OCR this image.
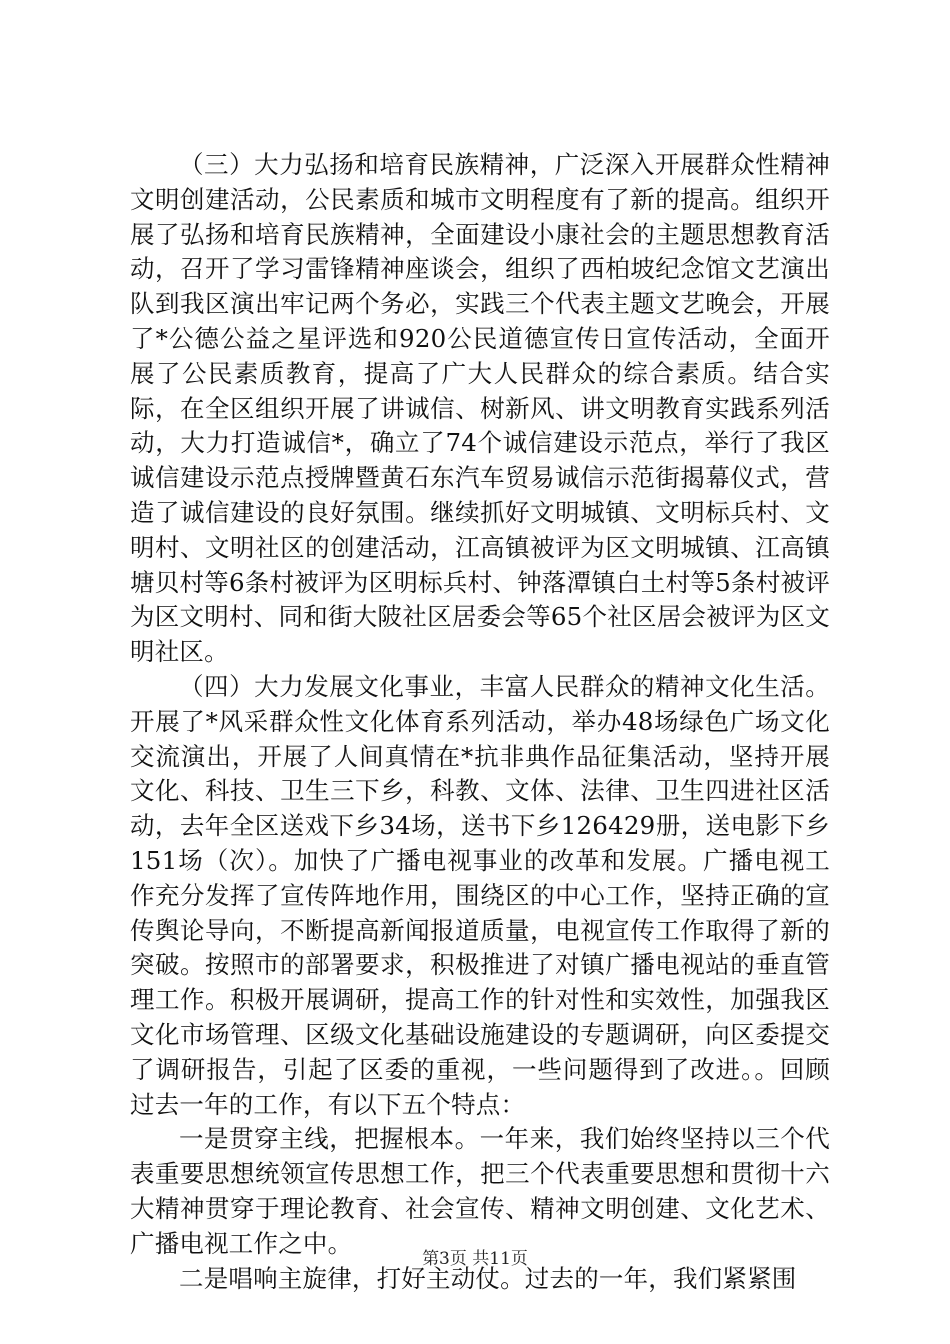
（三）大力弘扬和培育民族精神，广泛深入开展群众性精神文明创建活动，公民素质和城市文明程度有了新的提高。组织开展了弘扬和培育民族精神，全面建设小康社会的主题思想教育活动，召开了学习雷锋精神座谈会，组织了西柏坡纪念馆文艺演出队到我区演出牢记两个务必，实践三个代表主题文艺晚会，开展了*公德公益之星评选和920公民道德宣传日宣传活动，全面开展了公民素质教育，提高了广大人民群众的综合素质。结合实际，在全区组织开展了讲诚信、树新风、讲文明教育实践系列活动，大力打造诚信*，确立了74个诚信建设示范点，举行了我区诚信建设示范点授牌暨黄石东汽车贸易诚信示范街揭幕仪式，营造了诚信建设的良好氛围。继续抓好文明城镇、文明标兵村、文明村、文明社区的创建活动，江高镇被评为区文明城镇、江高镇塘贝村等6条村被评为区明标兵村、钟落潭镇白土村等5条村被评为区文明村、同和街大陂社区居委会等65个社区居会被评为区文明社区。

（四）大力发展文化事业，丰富人民群众的精神文化生活。开展了*风采群众性文化体育系列活动，举办48场绿色广场文化交流演出，开展了人间真情在*抗非典作品征集活动，坚持开展文化、科技、卫生三下乡，科教、文体、法律、卫生四进社区活动，去年全区送戏下乡34场，送书下乡126429册，送电影下乡151场（次）。加快了广播电视事业的改革和发展。广播电视工作充分发挥了宣传阵地作用，围绕区的中心工作，坚持正确的宣传舆论导向，不断提高新闻报道质量，电视宣传工作取得了新的突破。按照市的部署要求，积极推进了对镇广播电视站的垂直管理工作。积极开展调研，提高工作的针对性和实效性，加强我区文化市场管理、区级文化基础设施建设的专题调研，向区委提交了调研报告，引起了区委的重视，一些问题得到了改进。。回顾过去一年的工作，有以下五个特点：

一是贯穿主线，把握根本。一年来，我们始终坚持以三个代表重要思想统领宣传思想工作，把三个代表重要思想和贯彻十六大精神贯穿于理论教育、社会宣传、精神文明创建、文化艺术、广播电视工作之中。

二是唱响主旋律，打好主动仗。过去的一年，我们紧紧围

第3页 共11页
